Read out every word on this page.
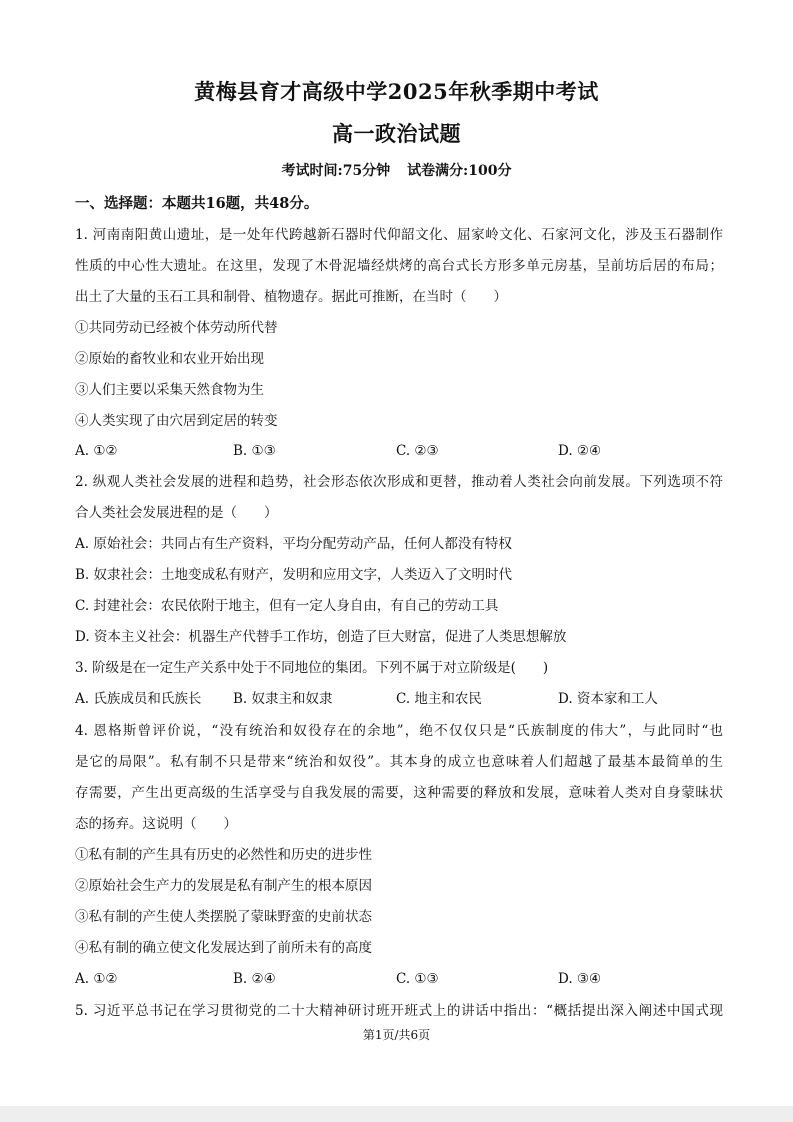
黄梅县育才高级中学2025年秋季期中考试
高一政治试题
考试时间:75分钟 试卷满分:100分
一、选择题：本题共16题，共48分。
1. 河南南阳黄山遗址，是一处年代跨越新石器时代仰韶文化、屈家岭文化、石家河文化，涉及玉石器制作
性质的中心性大遗址。在这里，发现了木骨泥墙经烘烤的高台式长方形多单元房基，呈前坊后居的布局；
出土了大量的玉石工具和制骨、植物遗存。据此可推断，在当时（　　）
①共同劳动已经被个体劳动所代替
②原始的畜牧业和农业开始出现
③人们主要以采集天然食物为生
④人类实现了由穴居到定居的转变
A. ①②	B. ①③	C. ②③	D. ②④
2. 纵观人类社会发展的进程和趋势，社会形态依次形成和更替，推动着人类社会向前发展。下列选项不符
合人类社会发展进程的是（　　）
A. 原始社会：共同占有生产资料，平均分配劳动产品，任何人都没有特权
B. 奴隶社会：土地变成私有财产，发明和应用文字，人类迈入了文明时代
C. 封建社会：农民依附于地主，但有一定人身自由，有自己的劳动工具
D. 资本主义社会：机器生产代替手工作坊，创造了巨大财富，促进了人类思想解放
3. 阶级是在一定生产关系中处于不同地位的集团。下列不属于对立阶级是(　　)
A. 氏族成员和氏族长 B. 奴隶主和奴隶	C. 地主和农民	D. 资本家和工人
4. 恩格斯曾评价说，“没有统治和奴役存在的余地”，绝不仅仅只是“氏族制度的伟大”，与此同时“也
是它的局限”。私有制不只是带来“统治和奴役”。其本身的成立也意味着人们超越了最基本最简单的生
存需要，产生出更高级的生活享受与自我发展的需要，这种需要的释放和发展，意味着人类对自身蒙昧状
态的扬弃。这说明（　　）
①私有制的产生具有历史的必然性和历史的进步性
②原始社会生产力的发展是私有制产生的根本原因
③私有制的产生使人类摆脱了蒙昧野蛮的史前状态
④私有制的确立使文化发展达到了前所未有的高度
A. ①②	B. ②④	C. ①③	D. ③④
5. 习近平总书记在学习贯彻党的二十大精神研讨班开班式上的讲话中指出：“概括提出深入阐述中国式现
第1页/共6页
